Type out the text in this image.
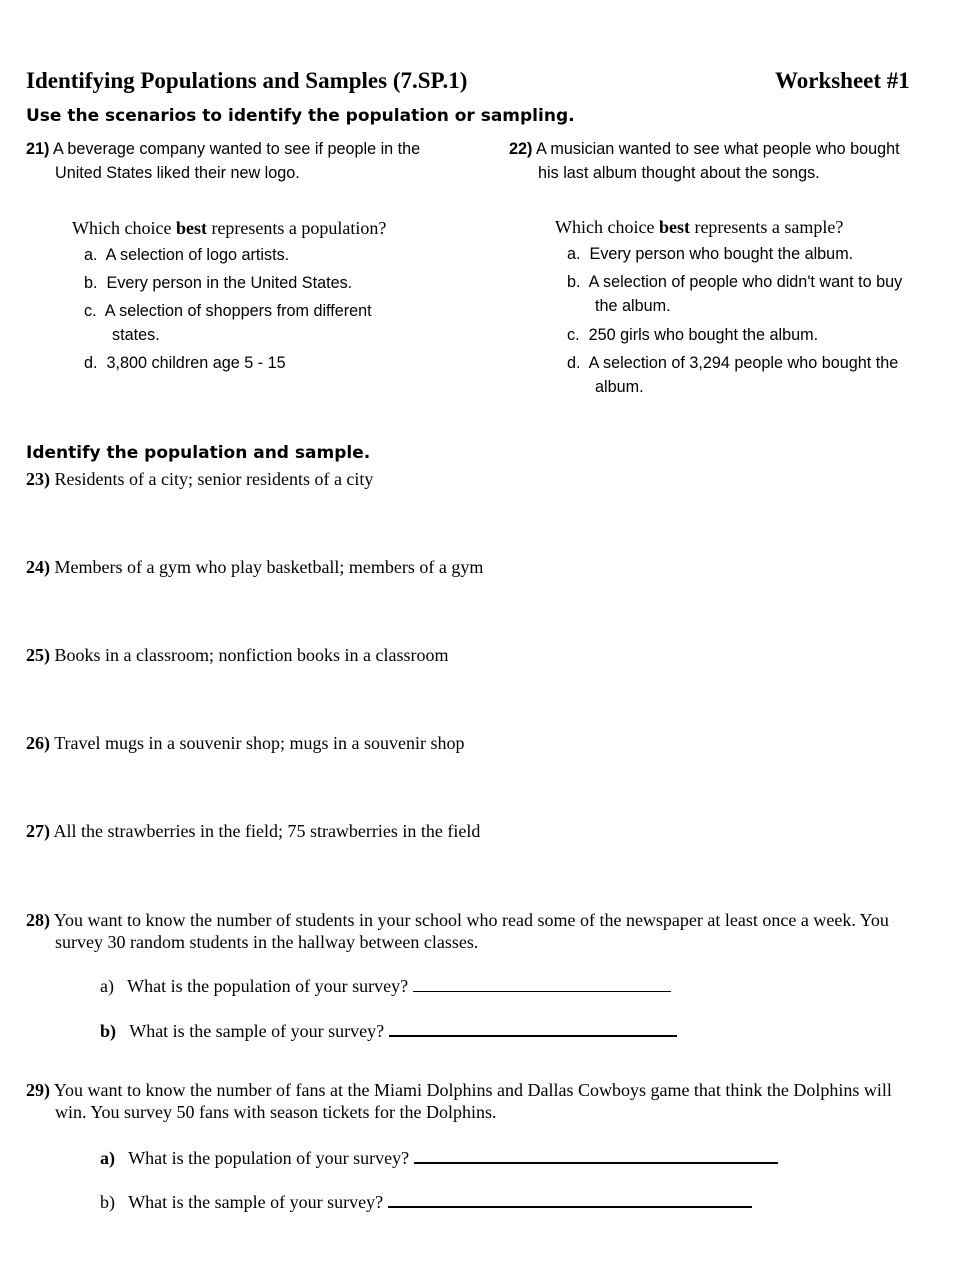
Identifying Populations and Samples (7.SP.1)	Worksheet #1
Use the scenarios to identify the population or sampling.
21) A beverage company wanted to see if people in the
United States liked their new logo.
Which choice best represents a population?
a. A selection of logo artists.
b. Every person in the United States.
c. A selection of shoppers from different
states.
d. 3,800 children age 5 - 15
22) A musician wanted to see what people who bought
his last album thought about the songs.
Which choice best represents a sample?
a. Every person who bought the album.
b. A selection of people who didn't want to buy
the album.
c. 250 girls who bought the album.
d. A selection of 3,294 people who bought the
album.
Identify the population and sample.
23) Residents of a city; senior residents of a city
24) Members of a gym who play basketball; members of a gym
25) Books in a classroom; nonfiction books in a classroom
26) Travel mugs in a souvenir shop; mugs in a souvenir shop
27) All the strawberries in the field; 75 strawberries in the field
28) You want to know the number of students in your school who read some of the newspaper at least once a week. You
survey 30 random students in the hallway between classes.
a) What is the population of your survey?
b) What is the sample of your survey?
29) You want to know the number of fans at the Miami Dolphins and Dallas Cowboys game that think the Dolphins will
win. You survey 50 fans with season tickets for the Dolphins.
a) What is the population of your survey?
b) What is the sample of your survey?
